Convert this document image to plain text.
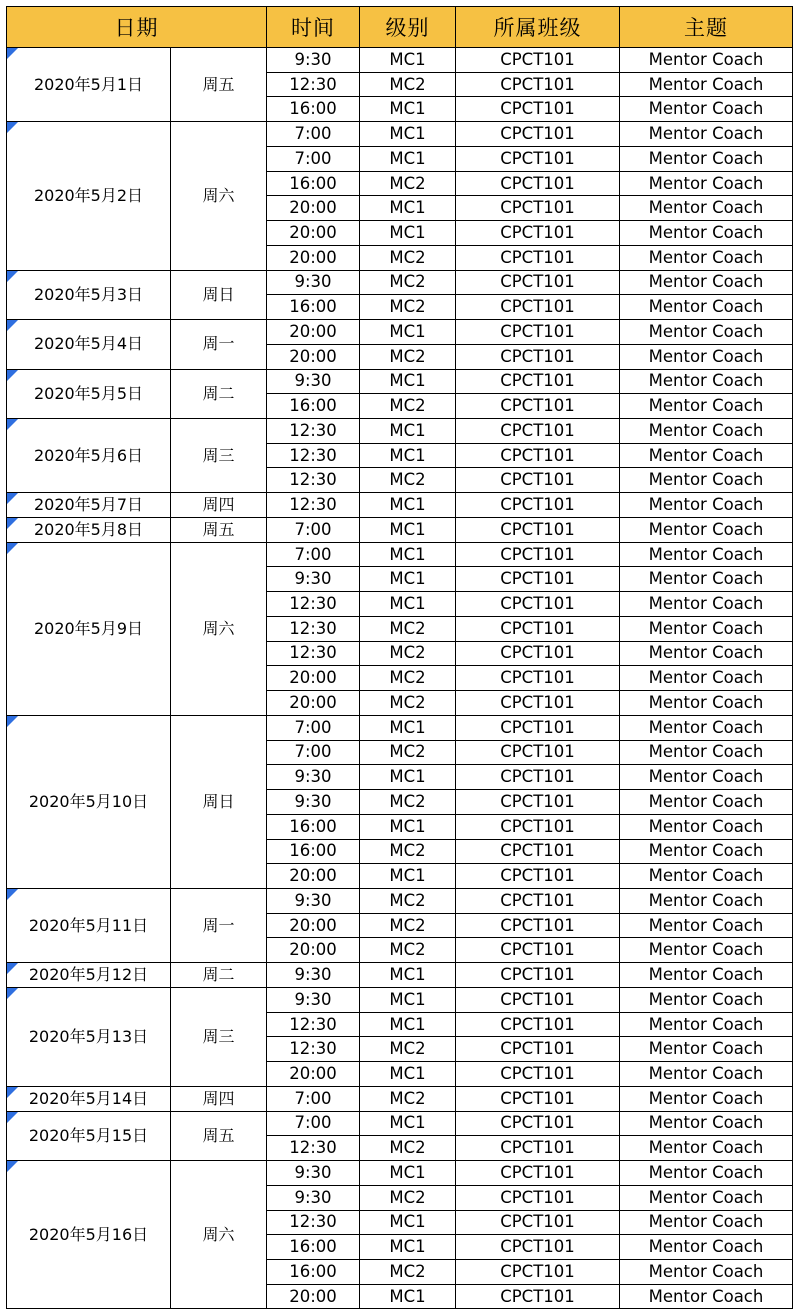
日期		时间	级别	所属班级	主题

2020年5月1日	周五	9:30	MC1	CPCT101	Mentor Coach
		12:30	MC2	CPCT101	Mentor Coach
		16:00	MC1	CPCT101	Mentor Coach

2020年5月2日	周六	7:00	MC1	CPCT101	Mentor Coach
		7:00	MC1	CPCT101	Mentor Coach
		16:00	MC2	CPCT101	Mentor Coach
		20:00	MC1	CPCT101	Mentor Coach
		20:00	MC1	CPCT101	Mentor Coach
		20:00	MC2	CPCT101	Mentor Coach

2020年5月3日	周日	9:30	MC2	CPCT101	Mentor Coach
		16:00	MC2	CPCT101	Mentor Coach

2020年5月4日	周一	20:00	MC1	CPCT101	Mentor Coach
		20:00	MC2	CPCT101	Mentor Coach

2020年5月5日	周二	9:30	MC1	CPCT101	Mentor Coach
		16:00	MC2	CPCT101	Mentor Coach

2020年5月6日	周三	12:30	MC1	CPCT101	Mentor Coach
		12:30	MC1	CPCT101	Mentor Coach
		12:30	MC2	CPCT101	Mentor Coach

2020年5月7日	周四	12:30	MC1	CPCT101	Mentor Coach

2020年5月8日	周五	7:00	MC1	CPCT101	Mentor Coach

2020年5月9日	周六	7:00	MC1	CPCT101	Mentor Coach
		9:30	MC1	CPCT101	Mentor Coach
		12:30	MC1	CPCT101	Mentor Coach
		12:30	MC2	CPCT101	Mentor Coach
		12:30	MC2	CPCT101	Mentor Coach
		20:00	MC2	CPCT101	Mentor Coach
		20:00	MC2	CPCT101	Mentor Coach

2020年5月10日	周日	7:00	MC1	CPCT101	Mentor Coach
		7:00	MC2	CPCT101	Mentor Coach
		9:30	MC1	CPCT101	Mentor Coach
		9:30	MC2	CPCT101	Mentor Coach
		16:00	MC1	CPCT101	Mentor Coach
		16:00	MC2	CPCT101	Mentor Coach
		20:00	MC1	CPCT101	Mentor Coach

2020年5月11日	周一	9:30	MC2	CPCT101	Mentor Coach
		20:00	MC2	CPCT101	Mentor Coach
		20:00	MC2	CPCT101	Mentor Coach

2020年5月12日	周二	9:30	MC1	CPCT101	Mentor Coach

2020年5月13日	周三	9:30	MC1	CPCT101	Mentor Coach
		12:30	MC1	CPCT101	Mentor Coach
		12:30	MC2	CPCT101	Mentor Coach
		20:00	MC1	CPCT101	Mentor Coach

2020年5月14日	周四	7:00	MC2	CPCT101	Mentor Coach

2020年5月15日	周五	7:00	MC1	CPCT101	Mentor Coach
		12:30	MC2	CPCT101	Mentor Coach

2020年5月16日	周六	9:30	MC1	CPCT101	Mentor Coach
		9:30	MC2	CPCT101	Mentor Coach
		12:30	MC1	CPCT101	Mentor Coach
		16:00	MC1	CPCT101	Mentor Coach
		16:00	MC2	CPCT101	Mentor Coach
		20:00	MC1	CPCT101	Mentor Coach
